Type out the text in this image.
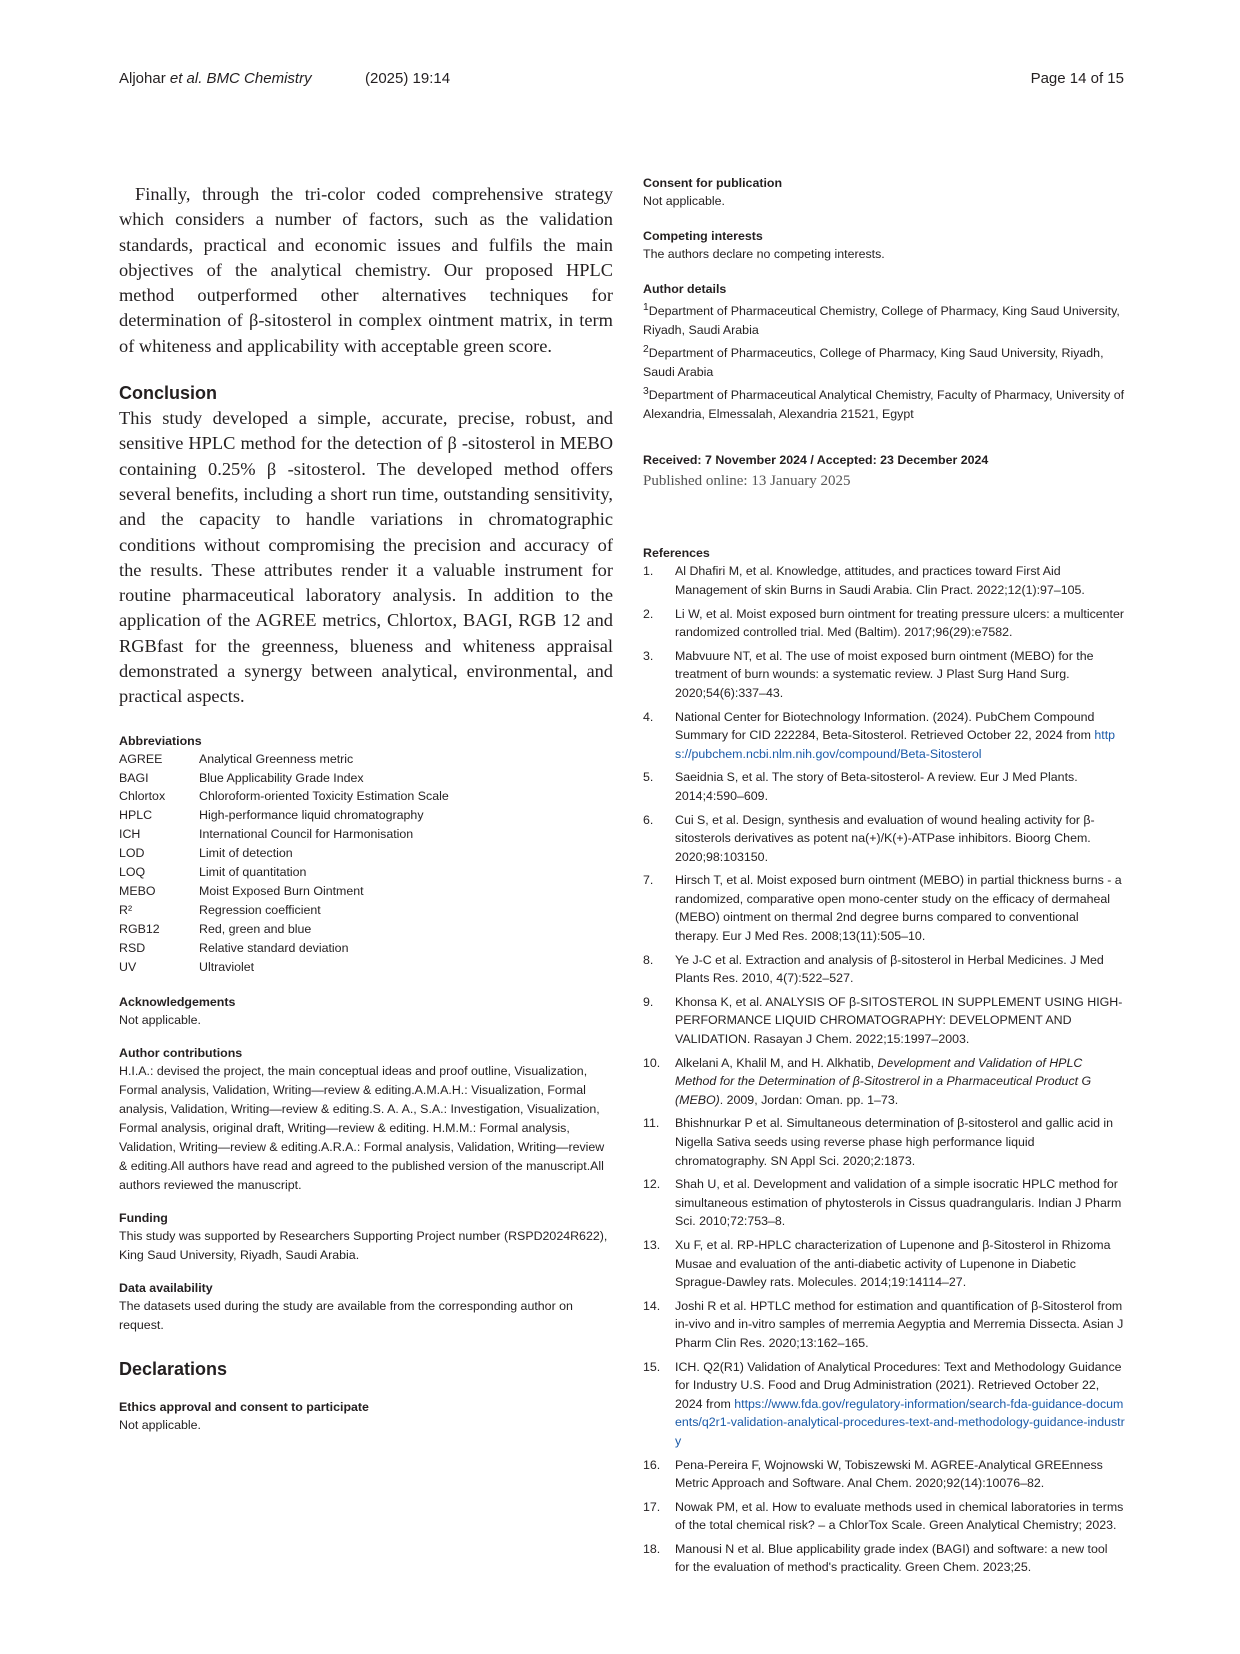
Aljohar et al. BMC Chemistry	(2025) 19:14	Page 14 of 15

Finally, through the tri-color coded comprehensive strategy which considers a number of factors, such as the validation standards, practical and economic issues and fulfils the main objectives of the analytical chemistry. Our proposed HPLC method outperformed other alternatives techniques for determination of β-sitosterol in complex ointment matrix, in term of whiteness and applicability with acceptable green score.

Conclusion

This study developed a simple, accurate, precise, robust, and sensitive HPLC method for the detection of β -sitosterol in MEBO containing 0.25% β -sitosterol. The developed method offers several benefits, including a short run time, outstanding sensitivity, and the capacity to handle variations in chromatographic conditions without compromising the precision and accuracy of the results. These attributes render it a valuable instrument for routine pharmaceutical laboratory analysis. In addition to the application of the AGREE metrics, Chlortox, BAGI, RGB 12 and RGBfast for the greenness, blueness and whiteness appraisal demonstrated a synergy between analytical, environmental, and practical aspects.

Abbreviations
AGREE	Analytical Greenness metric
BAGI	Blue Applicability Grade Index
Chlortox	Chloroform-oriented Toxicity Estimation Scale
HPLC	High-performance liquid chromatography
ICH	International Council for Harmonisation
LOD	Limit of detection
LOQ	Limit of quantitation
MEBO	Moist Exposed Burn Ointment
R²	Regression coefficient
RGB12	Red, green and blue
RSD	Relative standard deviation
UV	Ultraviolet
Acknowledgements

Not applicable.

Author contributions

H.I.A.: devised the project, the main conceptual ideas and proof outline, Visualization, Formal analysis, Validation, Writing—review & editing.A.M.A.H.: Visualization, Formal analysis, Validation, Writing—review & editing.S. A. A., S.A.: Investigation, Visualization, Formal analysis, original draft, Writing—review & editing. H.M.M.: Formal analysis, Validation, Writing—review & editing.A.R.A.: Formal analysis, Validation, Writing—review & editing.All authors have read and agreed to the published version of the manuscript.All authors reviewed the manuscript.

Funding

This study was supported by Researchers Supporting Project number (RSPD2024R622), King Saud University, Riyadh, Saudi Arabia.

Data availability

The datasets used during the study are available from the corresponding author on request.

Declarations
Ethics approval and consent to participate

Not applicable.

Consent for publication

Not applicable.

Competing interests

The authors declare no competing interests.

Author details

$^1$Department of Pharmaceutical Chemistry, College of Pharmacy, King Saud University, Riyadh, Saudi Arabia

$^2$Department of Pharmaceutics, College of Pharmacy, King Saud University, Riyadh, Saudi Arabia

$^3$Department of Pharmaceutical Analytical Chemistry, Faculty of Pharmacy, University of Alexandria, Elmessalah, Alexandria 21521, Egypt

Received: 7 November 2024 / Accepted: 23 December 2024

Published online: 13 January 2025

References
1. Al Dhafiri M, et al. Knowledge, attitudes, and practices toward First Aid Management of skin Burns in Saudi Arabia. Clin Pract. 2022;12(1):97–105.
2. Li W, et al. Moist exposed burn ointment for treating pressure ulcers: a multicenter randomized controlled trial. Med (Baltim). 2017;96(29):e7582.
3. Mabvuure NT, et al. The use of moist exposed burn ointment (MEBO) for the treatment of burn wounds: a systematic review. J Plast Surg Hand Surg. 2020;54(6):337–43.
4. National Center for Biotechnology Information. (2024). PubChem Compound Summary for CID 222284, Beta-Sitosterol. Retrieved October 22, 2024 from https://pubchem.ncbi.nlm.nih.gov/compound/Beta-Sitosterol
5. Saeidnia S, et al. The story of Beta-sitosterol- A review. Eur J Med Plants. 2014;4:590–609.
6. Cui S, et al. Design, synthesis and evaluation of wound healing activity for β-sitosterols derivatives as potent na(+)/K(+)-ATPase inhibitors. Bioorg Chem. 2020;98:103150.
7. Hirsch T, et al. Moist exposed burn ointment (MEBO) in partial thickness burns - a randomized, comparative open mono-center study on the efficacy of dermaheal (MEBO) ointment on thermal 2nd degree burns compared to conventional therapy. Eur J Med Res. 2008;13(11):505–10.
8. Ye J-C et al. Extraction and analysis of β-sitosterol in Herbal Medicines. J Med Plants Res. 2010, 4(7):522–527.
9. Khonsa K, et al. ANALYSIS OF β-SITOSTEROL IN SUPPLEMENT USING HIGH-PERFORMANCE LIQUID CHROMATOGRAPHY: DEVELOPMENT AND VALIDATION. Rasayan J Chem. 2022;15:1997–2003.
10. Alkelani A, Khalil M, and H. Alkhatib, Development and Validation of HPLC Method for the Determination of β-Sitostrerol in a Pharmaceutical Product G (MEBO). 2009, Jordan: Oman. pp. 1–73.
11. Bhishnurkar P et al. Simultaneous determination of β-sitosterol and gallic acid in Nigella Sativa seeds using reverse phase high performance liquid chromatography. SN Appl Sci. 2020;2:1873.
12. Shah U, et al. Development and validation of a simple isocratic HPLC method for simultaneous estimation of phytosterols in Cissus quadrangularis. Indian J Pharm Sci. 2010;72:753–8.
13. Xu F, et al. RP-HPLC characterization of Lupenone and β-Sitosterol in Rhizoma Musae and evaluation of the anti-diabetic activity of Lupenone in Diabetic Sprague-Dawley rats. Molecules. 2014;19:14114–27.
14. Joshi R et al. HPTLC method for estimation and quantification of β-Sitosterol from in-vivo and in-vitro samples of merremia Aegyptia and Merremia Dissecta. Asian J Pharm Clin Res. 2020;13:162–165.
15. ICH. Q2(R1) Validation of Analytical Procedures: Text and Methodology Guidance for Industry U.S. Food and Drug Administration (2021). Retrieved October 22, 2024 from https://www.fda.gov/regulatory-information/search-fda-guidance-documents/q2r1-validation-analytical-procedures-text-and-methodology-guidance-industry
16. Pena-Pereira F, Wojnowski W, Tobiszewski M. AGREE-Analytical GREEnness Metric Approach and Software. Anal Chem. 2020;92(14):10076–82.
17. Nowak PM, et al. How to evaluate methods used in chemical laboratories in terms of the total chemical risk? – a ChlorTox Scale. Green Analytical Chemistry; 2023.
18. Manousi N et al. Blue applicability grade index (BAGI) and software: a new tool for the evaluation of method's practicality. Green Chem. 2023;25.
